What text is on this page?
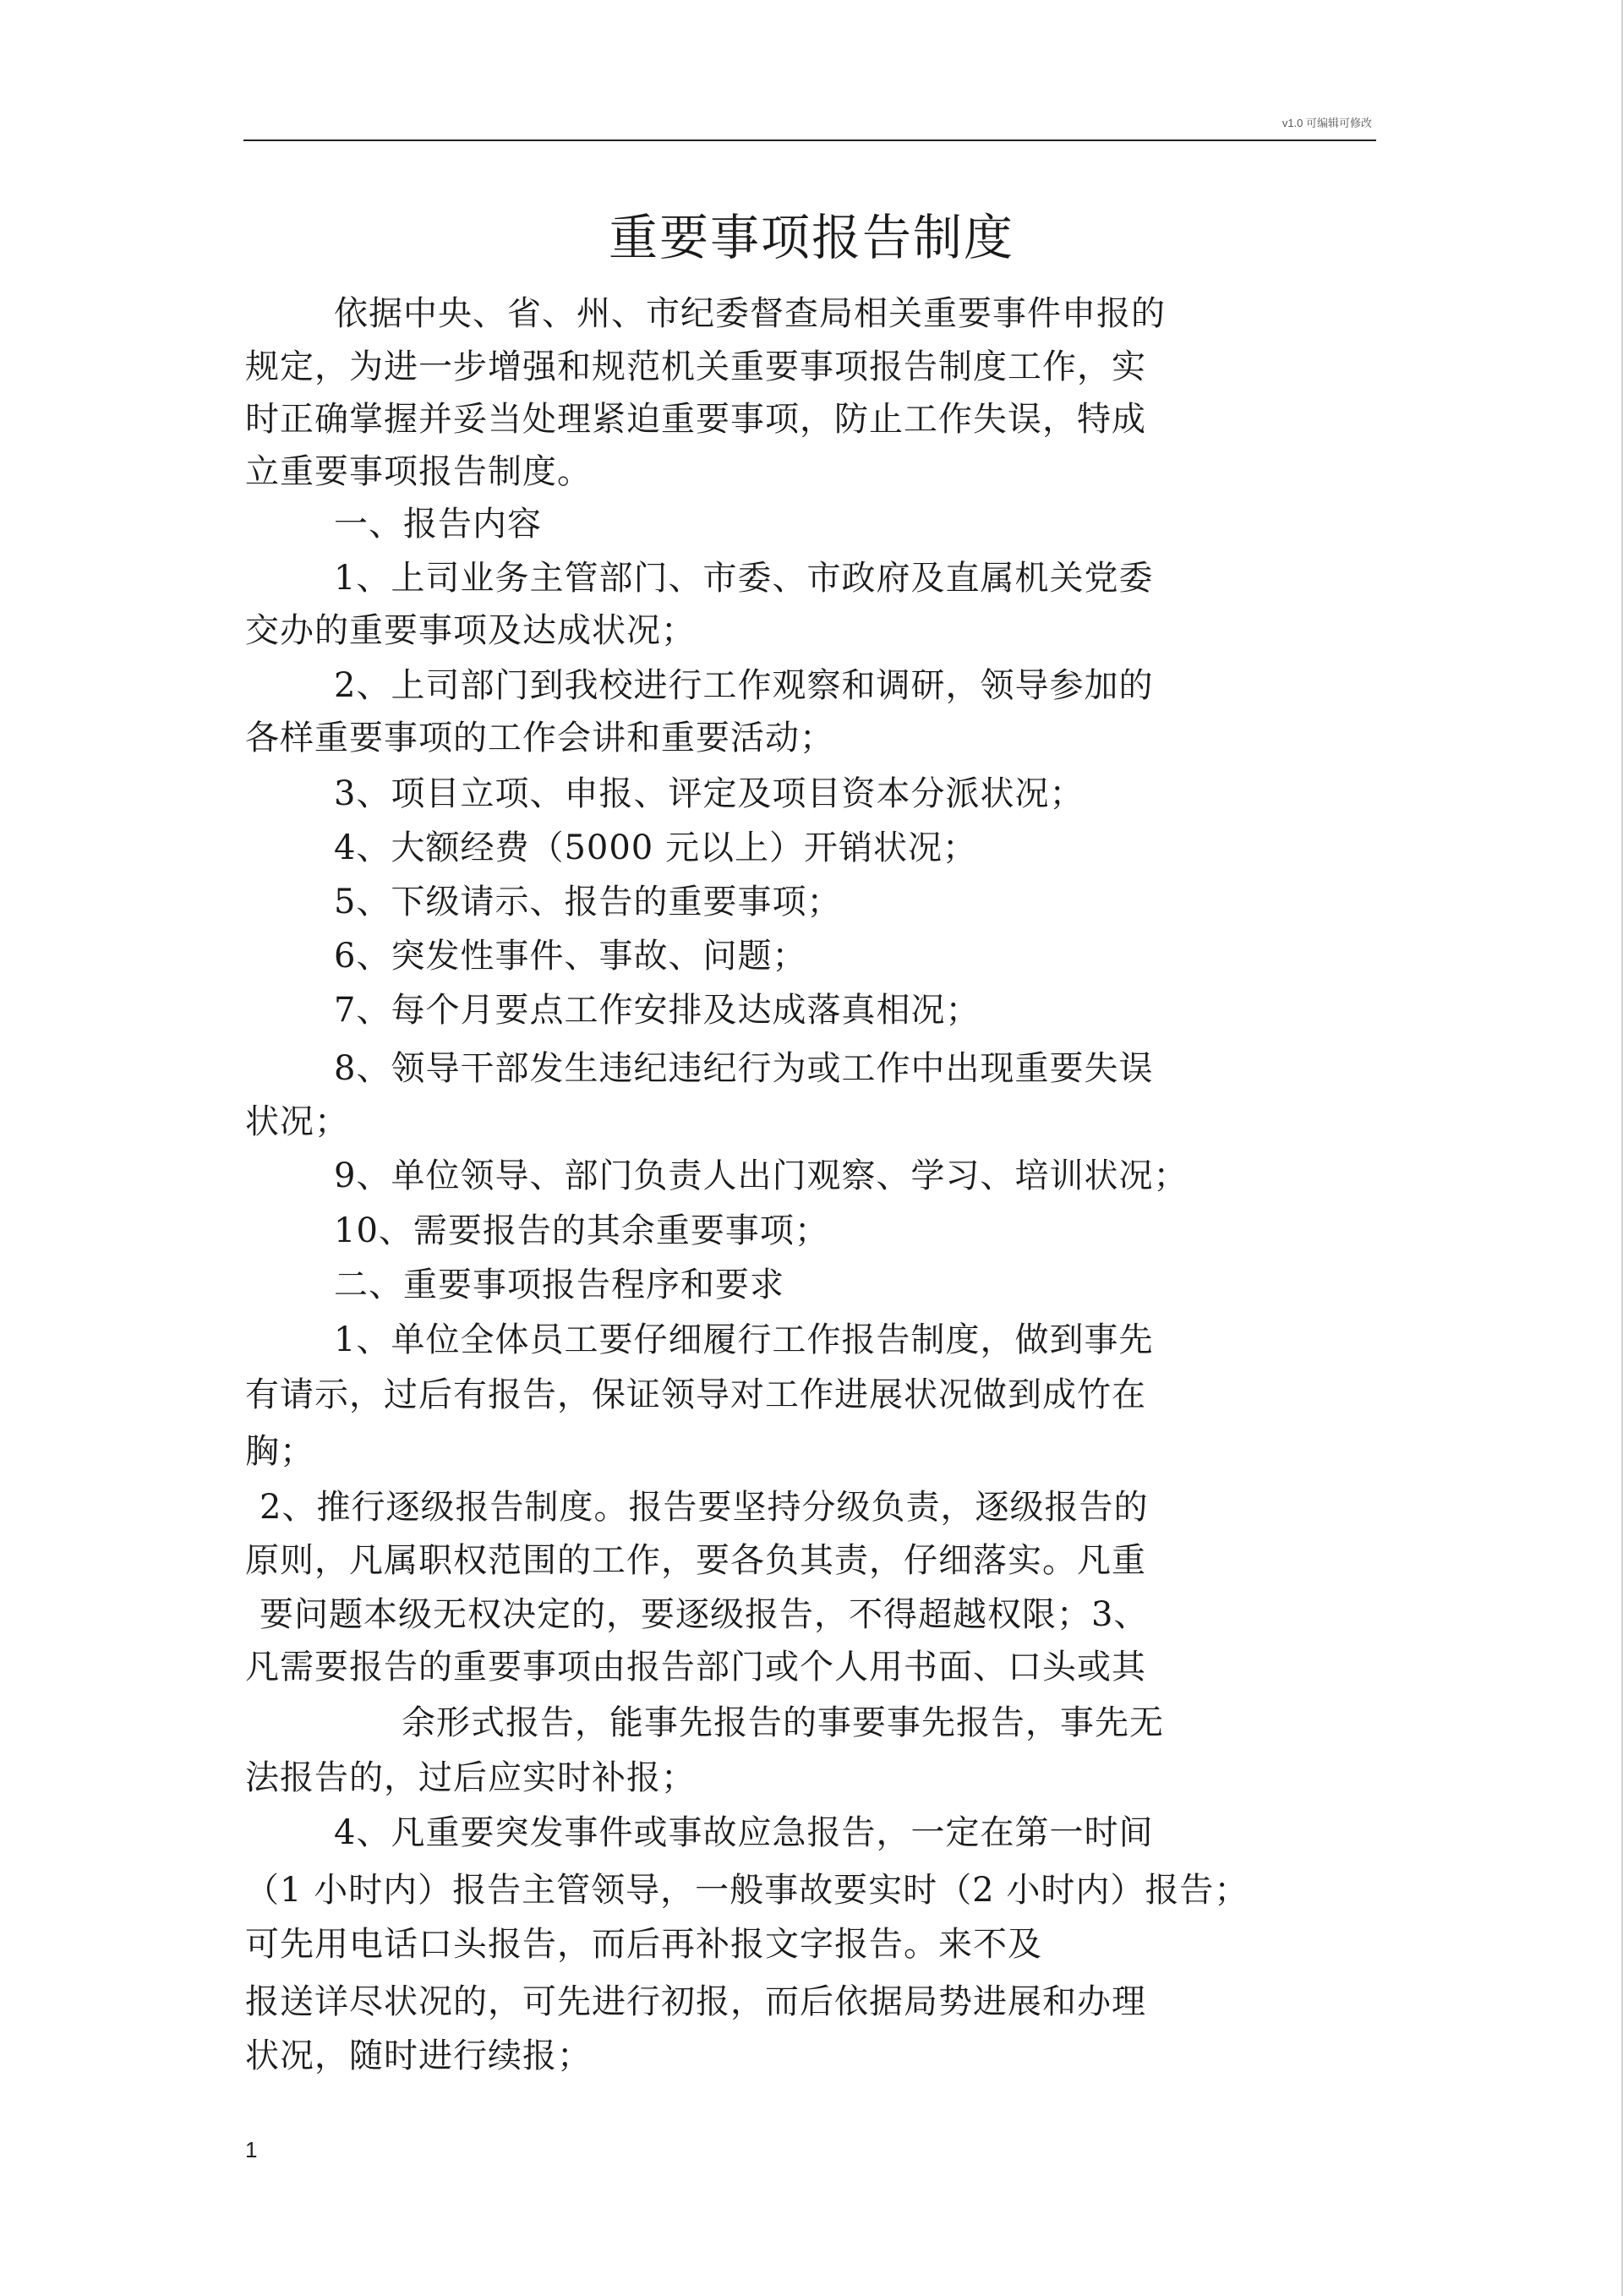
v1.0 可编辑可修改
重要事项报告制度
依据中央、省、州、市纪委督查局相关重要事件申报的
规定，为进一步增强和规范机关重要事项报告制度工作，实
时正确掌握并妥当处理紧迫重要事项，防止工作失误，特成
立重要事项报告制度。
一、报告内容
1、上司业务主管部门、市委、市政府及直属机关党委
交办的重要事项及达成状况；
2、上司部门到我校进行工作观察和调研，领导参加的
各样重要事项的工作会讲和重要活动；
3、项目立项、申报、评定及项目资本分派状况；
4、大额经费（5000 元以上）开销状况；
5、下级请示、报告的重要事项；
6、突发性事件、事故、问题；
7、每个月要点工作安排及达成落真相况；
8、领导干部发生违纪违纪行为或工作中出现重要失误
状况；
9、单位领导、部门负责人出门观察、学习、培训状况；
10、需要报告的其余重要事项；
二、重要事项报告程序和要求
1、单位全体员工要仔细履行工作报告制度，做到事先
有请示，过后有报告，保证领导对工作进展状况做到成竹在
胸；
2、推行逐级报告制度。报告要坚持分级负责，逐级报告的
原则，凡属职权范围的工作，要各负其责，仔细落实。凡重
要问题本级无权决定的，要逐级报告，不得超越权限；3、
凡需要报告的重要事项由报告部门或个人用书面、口头或其
余形式报告，能事先报告的事要事先报告，事先无
法报告的，过后应实时补报；
4、凡重要突发事件或事故应急报告，一定在第一时间
（1 小时内）报告主管领导，一般事故要实时（2 小时内）报告；
可先用电话口头报告，而后再补报文字报告。来不及
报送详尽状况的，可先进行初报，而后依据局势进展和办理
状况，随时进行续报；
1
